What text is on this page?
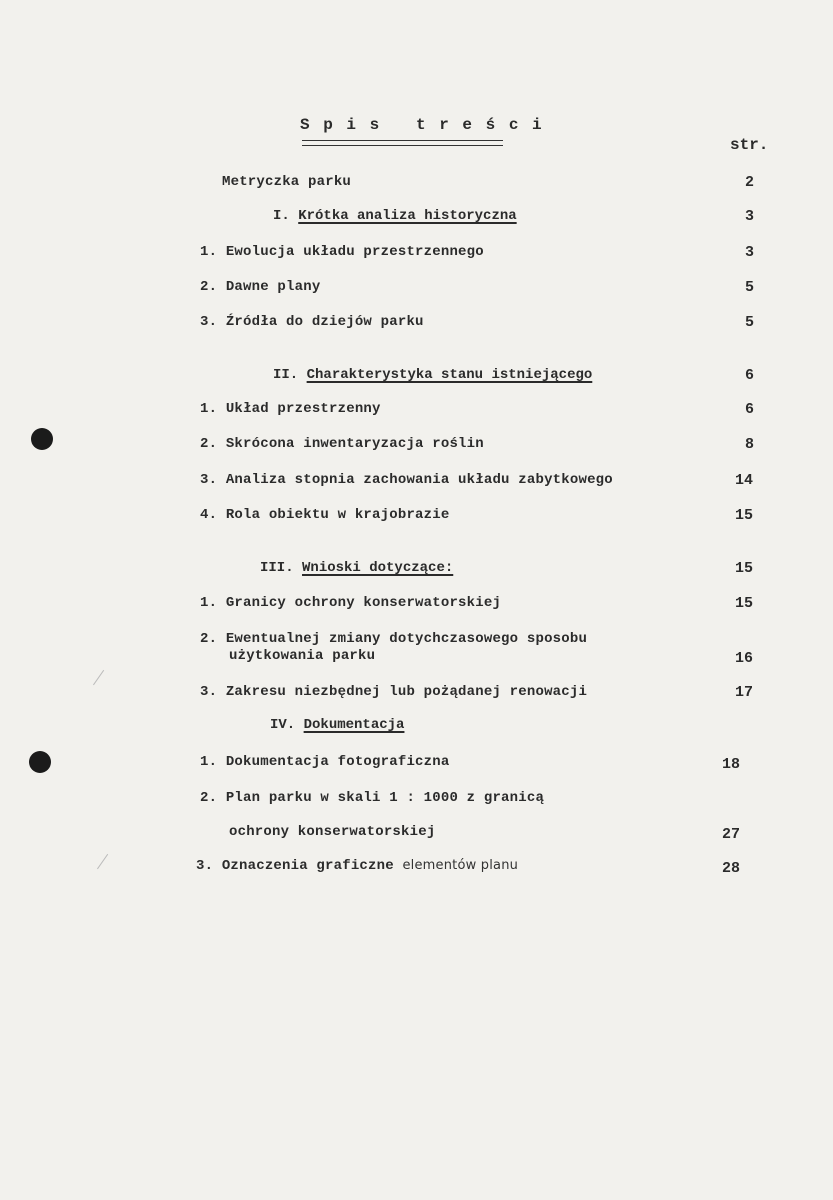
S p i s   t r e ś c i
str.
Metryczka parku	2
I. Krótka analiza historyczna	3
1. Ewolucja układu przestrzennego	3
2. Dawne plany	5
3. Źródła do dziejów parku	5
II. Charakterystyka stanu istniejącego	6
1. Układ przestrzenny	6
2. Skrócona inwentaryzacja roślin	8
3. Analiza stopnia zachowania układu zabytkowego	14
4. Rola obiektu w krajobrazie	15
III. Wnioski dotyczące:	15
1. Granicy ochrony konserwatorskiej	15
2. Ewentualnej zmiany dotychczasowego sposobu
użytkowania parku	16
3. Zakresu niezbędnej lub pożądanej renowacji	17
IV. Dokumentacja
1. Dokumentacja fotograficzna	18
2. Plan parku w skali 1 : 1000 z granicą
ochrony konserwatorskiej	27
3. Oznaczenia graficzne elementów planu	28
